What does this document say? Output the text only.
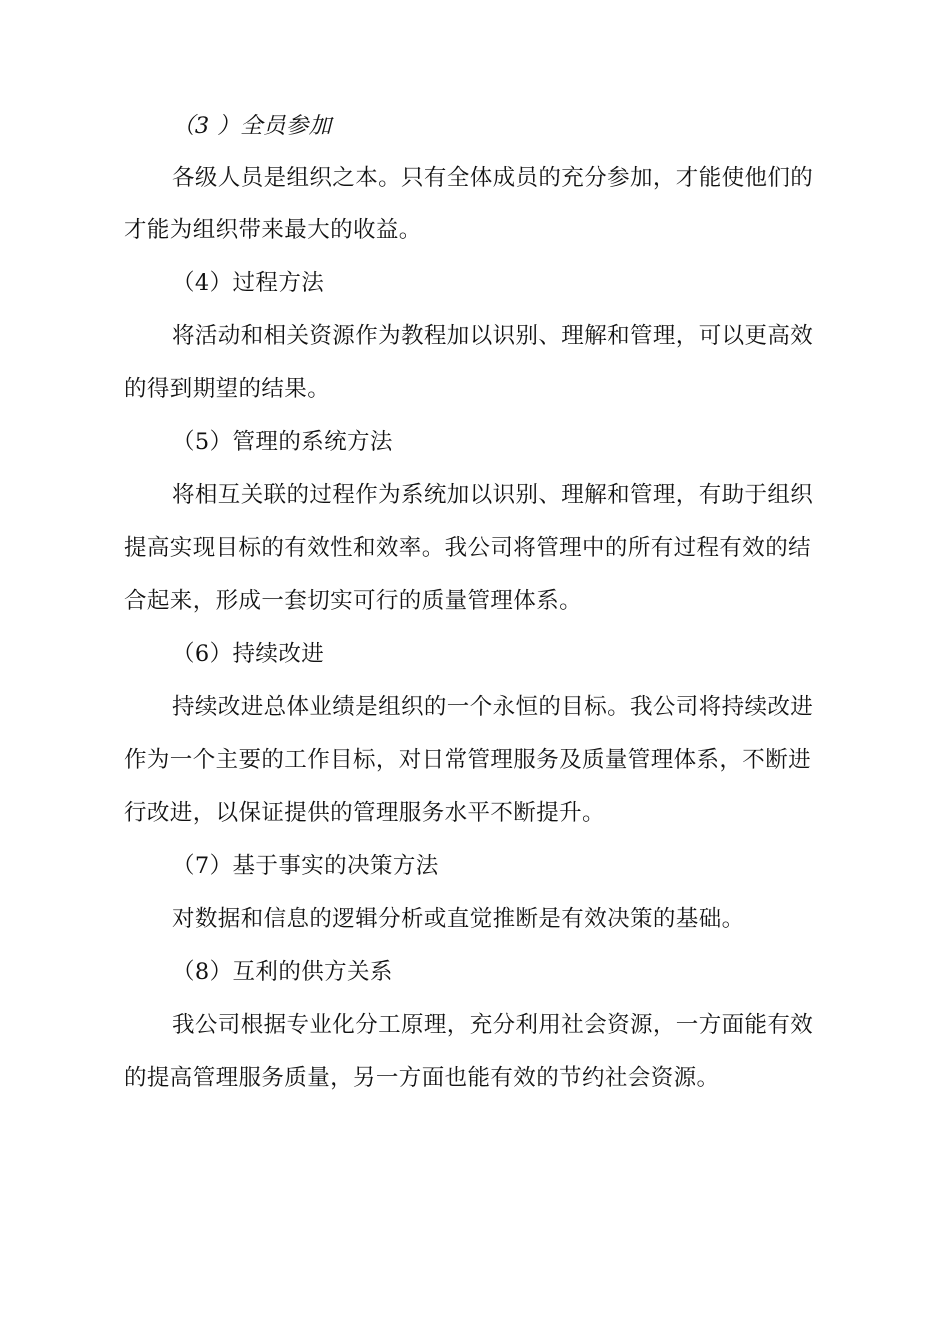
（3 ）全员参加
各级人员是组织之本。只有全体成员的充分参加，才能使他们的
才能为组织带来最大的收益。
（4）过程方法
将活动和相关资源作为教程加以识别、理解和管理，可以更高效
的得到期望的结果。
（5）管理的系统方法
将相互关联的过程作为系统加以识别、理解和管理，有助于组织
提高实现目标的有效性和效率。我公司将管理中的所有过程有效的结
合起来，形成一套切实可行的质量管理体系。
（6）持续改进
持续改进总体业绩是组织的一个永恒的目标。我公司将持续改进
作为一个主要的工作目标，对日常管理服务及质量管理体系，不断进
行改进，以保证提供的管理服务水平不断提升。
（7）基于事实的决策方法
对数据和信息的逻辑分析或直觉推断是有效决策的基础。
（8）互利的供方关系
我公司根据专业化分工原理，充分利用社会资源，一方面能有效
的提高管理服务质量，另一方面也能有效的节约社会资源。
